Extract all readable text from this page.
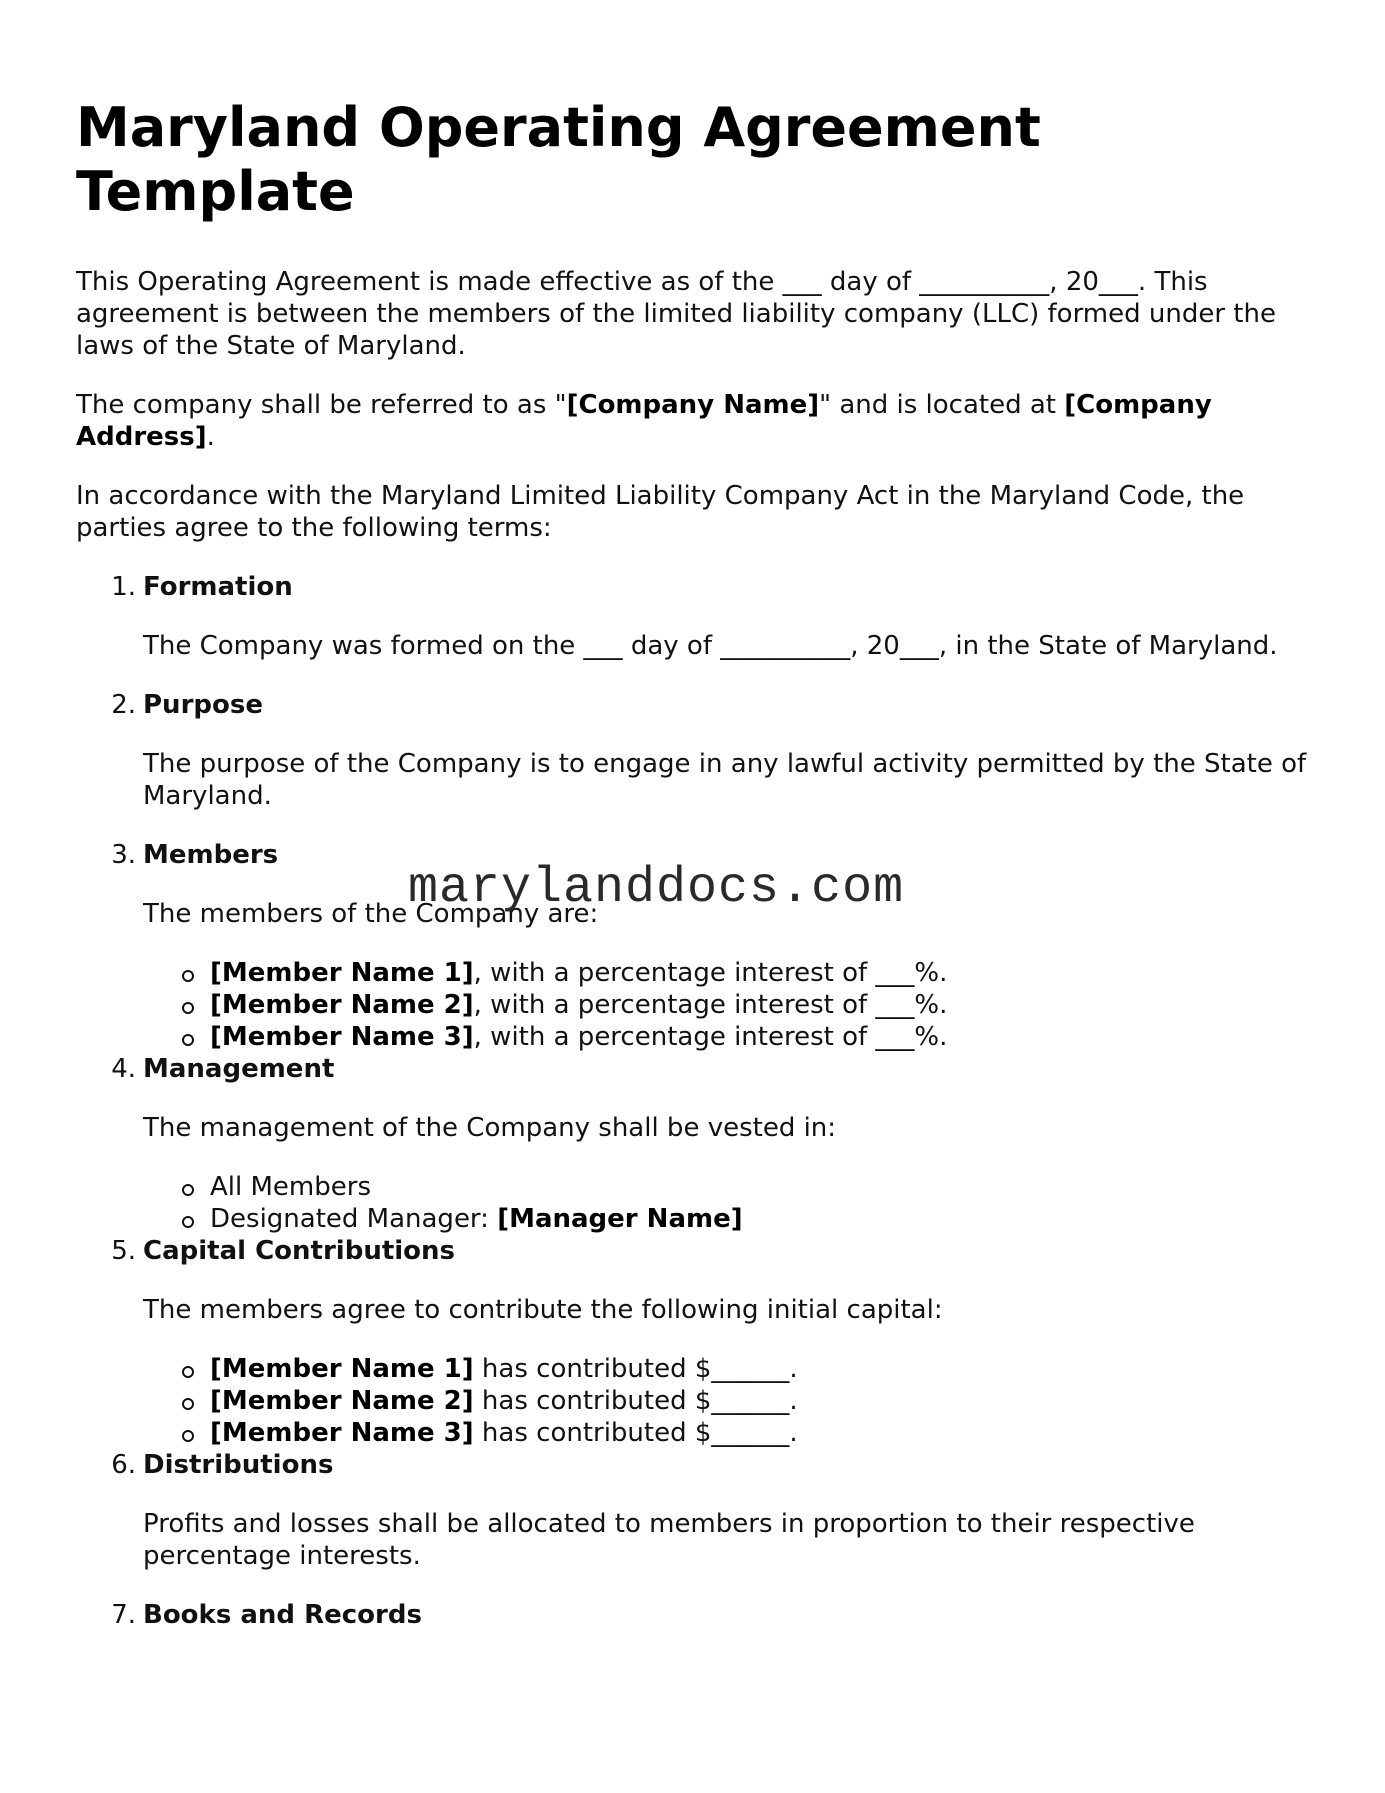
Maryland Operating Agreement Template

This Operating Agreement is made effective as of the ___ day of __________, 20___. This agreement is between the members of the limited liability company (LLC) formed under the laws of the State of Maryland.

The company shall be referred to as "[Company Name]" and is located at [Company Address].

In accordance with the Maryland Limited Liability Company Act in the Maryland Code, the parties agree to the following terms:

1. Formation
The Company was formed on the ___ day of __________, 20___, in the State of Maryland.
2. Purpose
The purpose of the Company is to engage in any lawful activity permitted by the State of Maryland.
3. Members
The members of the Company are:
[Member Name 1], with a percentage interest of ___%.
[Member Name 2], with a percentage interest of ___%.
[Member Name 3], with a percentage interest of ___%.
4. Management
The management of the Company shall be vested in:
All Members
Designated Manager: [Manager Name]
5. Capital Contributions
The members agree to contribute the following initial capital:
[Member Name 1] has contributed $______.
[Member Name 2] has contributed $______.
[Member Name 3] has contributed $______.
6. Distributions
Profits and losses shall be allocated to members in proportion to their respective percentage interests.
7. Books and Records
marylanddocs.com
